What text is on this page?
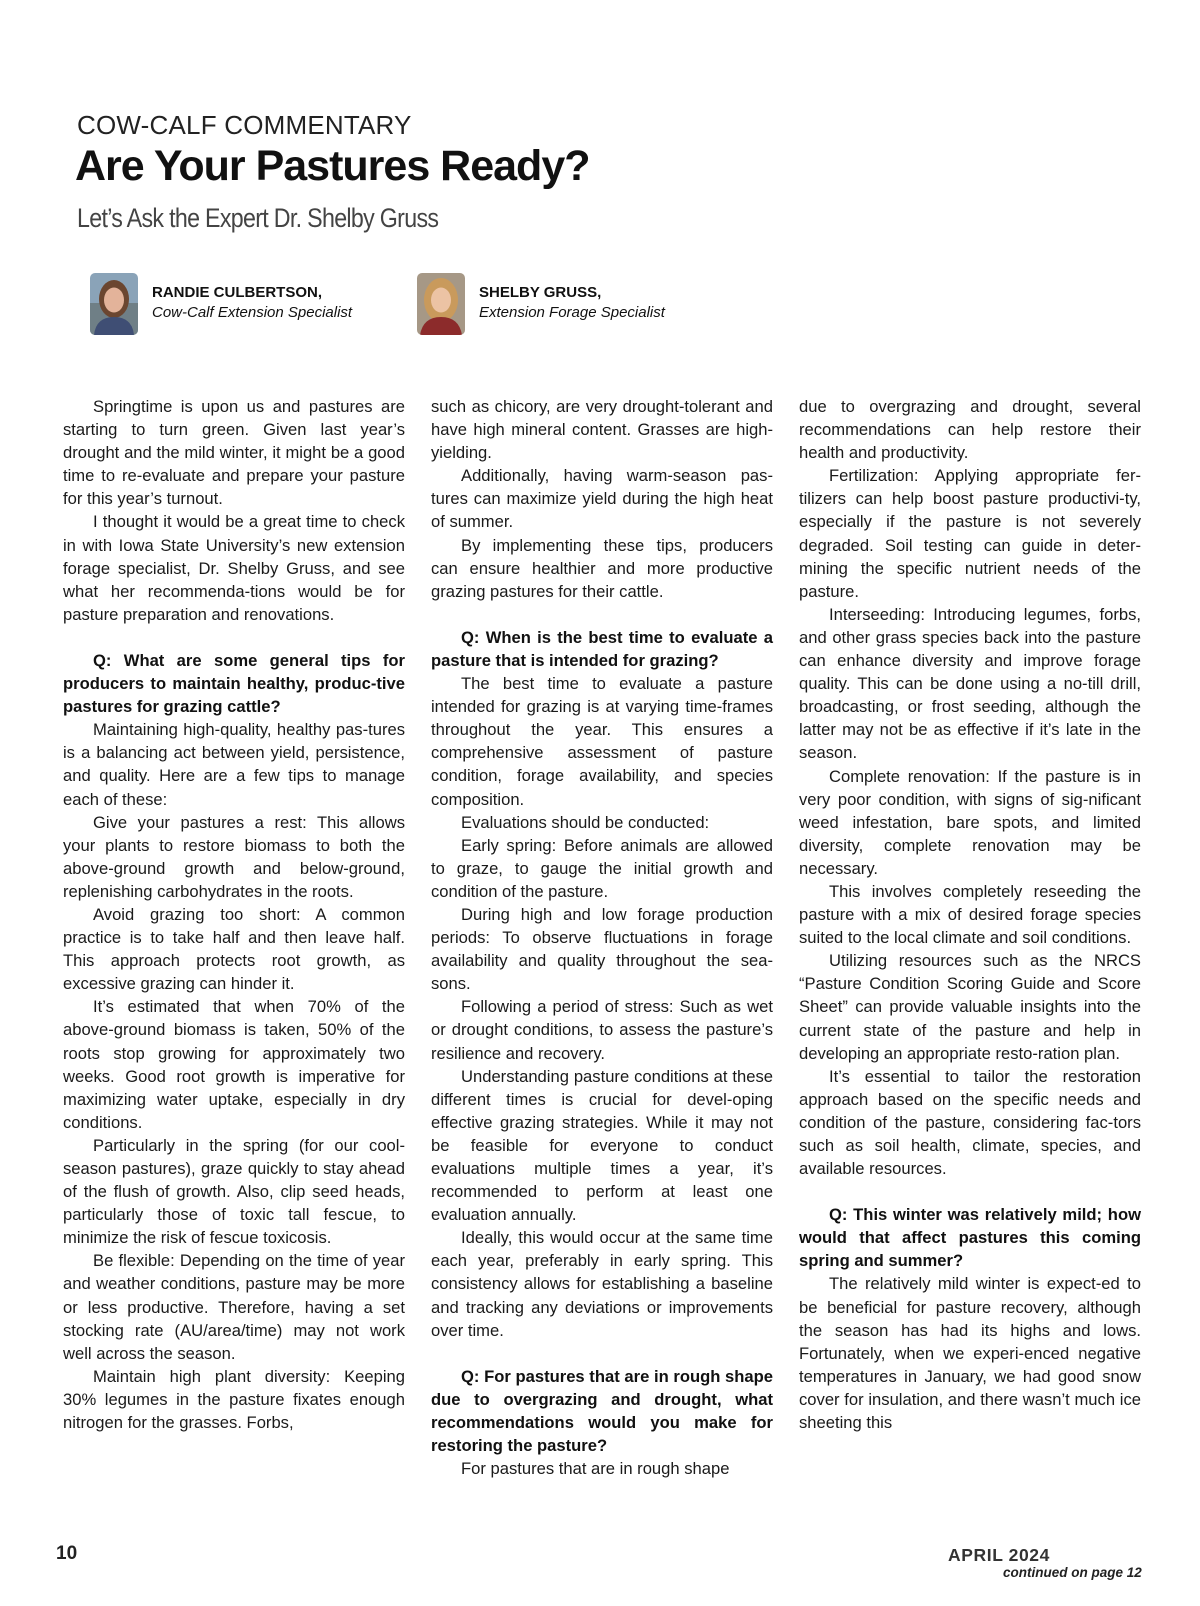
COW-CALF COMMENTARY
Are Your Pastures Ready?
Let’s Ask the Expert Dr. Shelby Gruss
RANDIE CULBERTSON,
Cow-Calf Extension Specialist
SHELBY GRUSS,
Extension Forage Specialist

Springtime is upon us and pastures are starting to turn green. Given last year’s drought and the mild winter, it might be a good time to re-evaluate and prepare your pasture for this year’s turnout.

I thought it would be a great time to check in with Iowa State University’s new extension forage specialist, Dr. Shelby Gruss, and see what her recommenda-tions would be for pasture preparation and renovations.

Q: What are some general tips for producers to maintain healthy, produc-tive pastures for grazing cattle?

Maintaining high-quality, healthy pas-tures is a balancing act between yield, persistence, and quality. Here are a few tips to manage each of these:

Give your pastures a rest: This allows your plants to restore biomass to both the above-ground growth and below-ground, replenishing carbohydrates in the roots.

Avoid grazing too short: A common practice is to take half and then leave half. This approach protects root growth, as excessive grazing can hinder it.

It’s estimated that when 70% of the above-ground biomass is taken, 50% of the roots stop growing for approximately two weeks. Good root growth is imperative for maximizing water uptake, especially in dry conditions.

Particularly in the spring (for our cool-season pastures), graze quickly to stay ahead of the flush of growth. Also, clip seed heads, particularly those of toxic tall fescue, to minimize the risk of fescue toxicosis.

Be flexible: Depending on the time of year and weather conditions, pasture may be more or less productive. Therefore, having a set stocking rate (AU/area/time) may not work well across the season.

Maintain high plant diversity: Keeping 30% legumes in the pasture fixates enough nitrogen for the grasses. Forbs,

such as chicory, are very drought-tolerant and have high mineral content. Grasses are high-yielding.

Additionally, having warm-season pas-tures can maximize yield during the high heat of summer.

By implementing these tips, producers can ensure healthier and more productive grazing pastures for their cattle.

Q: When is the best time to evaluate a pasture that is intended for grazing?

The best time to evaluate a pasture intended for grazing is at varying time-frames throughout the year. This ensures a comprehensive assessment of pasture condition, forage availability, and species composition.

Evaluations should be conducted:

Early spring: Before animals are allowed to graze, to gauge the initial growth and condition of the pasture.

During high and low forage production periods: To observe fluctuations in forage availability and quality throughout the sea-sons.

Following a period of stress: Such as wet or drought conditions, to assess the pasture’s resilience and recovery.

Understanding pasture conditions at these different times is crucial for devel-oping effective grazing strategies. While it may not be feasible for everyone to conduct evaluations multiple times a year, it’s recommended to perform at least one evaluation annually.

Ideally, this would occur at the same time each year, preferably in early spring. This consistency allows for establishing a baseline and tracking any deviations or improvements over time.

Q: For pastures that are in rough shape due to overgrazing and drought, what recommendations would you make for restoring the pasture?

For pastures that are in rough shape

due to overgrazing and drought, several recommendations can help restore their health and productivity.

Fertilization: Applying appropriate fer-tilizers can help boost pasture productivi-ty, especially if the pasture is not severely degraded. Soil testing can guide in deter-mining the specific nutrient needs of the pasture.

Interseeding: Introducing legumes, forbs, and other grass species back into the pasture can enhance diversity and improve forage quality. This can be done using a no-till drill, broadcasting, or frost seeding, although the latter may not be as effective if it’s late in the season.

Complete renovation: If the pasture is in very poor condition, with signs of sig-nificant weed infestation, bare spots, and limited diversity, complete renovation may be necessary.

This involves completely reseeding the pasture with a mix of desired forage species suited to the local climate and soil conditions.

Utilizing resources such as the NRCS “Pasture Condition Scoring Guide and Score Sheet” can provide valuable insights into the current state of the pasture and help in developing an appropriate resto-ration plan.

It’s essential to tailor the restoration approach based on the specific needs and condition of the pasture, considering fac-tors such as soil health, climate, species, and available resources.

Q: This winter was relatively mild; how would that affect pastures this coming spring and summer?

The relatively mild winter is expect-ed to be beneficial for pasture recovery, although the season has had its highs and lows. Fortunately, when we experi-enced negative temperatures in January, we had good snow cover for insulation, and there wasn’t much ice sheeting this

continued on page 12
10	APRIL 2024
